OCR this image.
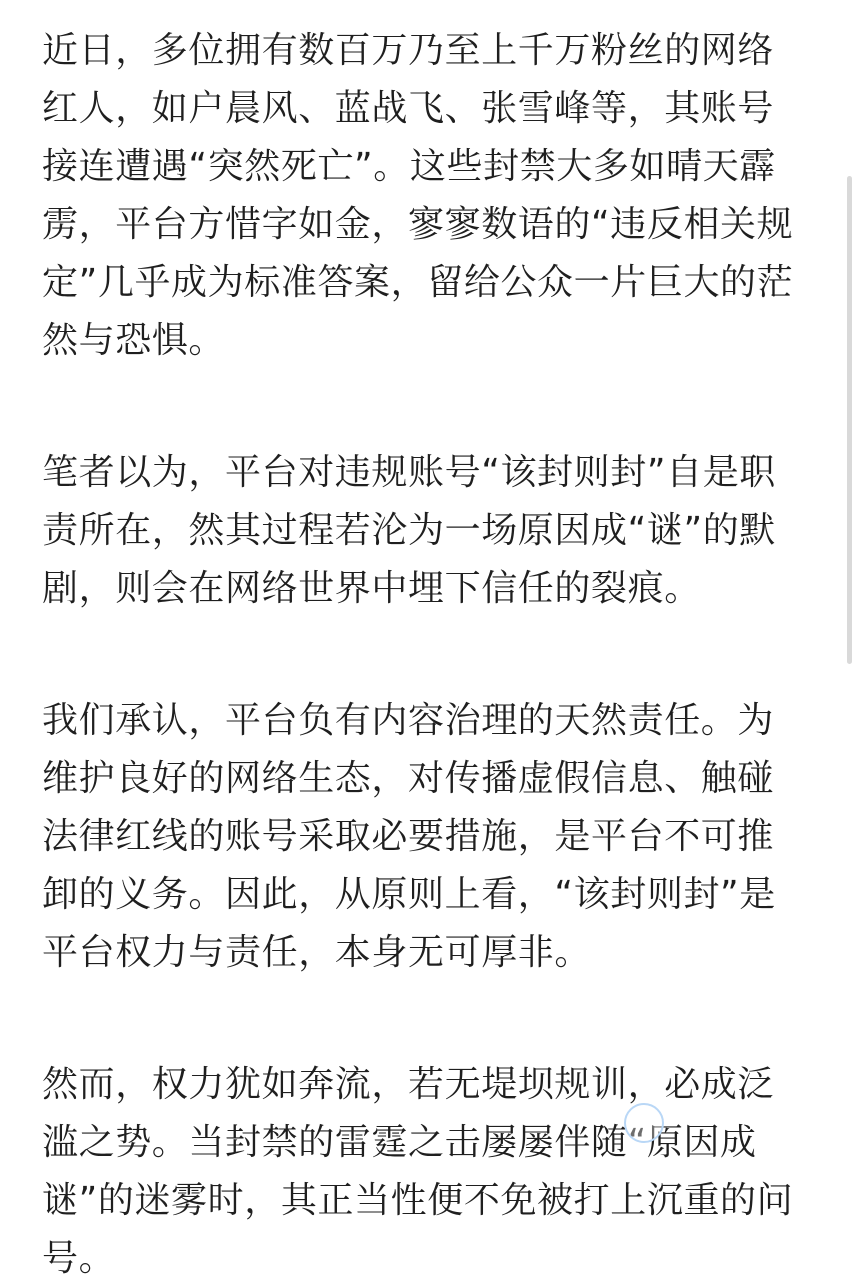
近日，多位拥有数百万乃至上千万粉丝的网络
红人，如户晨风、蓝战飞、张雪峰等，其账号
接连遭遇“突然死亡”。这些封禁大多如晴天霹
雳，平台方惜字如金，寥寥数语的“违反相关规
定”几乎成为标准答案，留给公众一片巨大的茫
然与恐惧。
笔者以为，平台对违规账号“该封则封”自是职
责所在，然其过程若沦为一场原因成“谜”的默
剧，则会在网络世界中埋下信任的裂痕。
我们承认，平台负有内容治理的天然责任。为
维护良好的网络生态，对传播虚假信息、触碰
法律红线的账号采取必要措施，是平台不可推
卸的义务。因此，从原则上看，“该封则封”是
平台权力与责任，本身无可厚非。
然而，权力犹如奔流，若无堤坝规训，必成泛
滥之势。当封禁的雷霆之击屡屡伴随“原因成
谜”的迷雾时，其正当性便不免被打上沉重的问
号。
